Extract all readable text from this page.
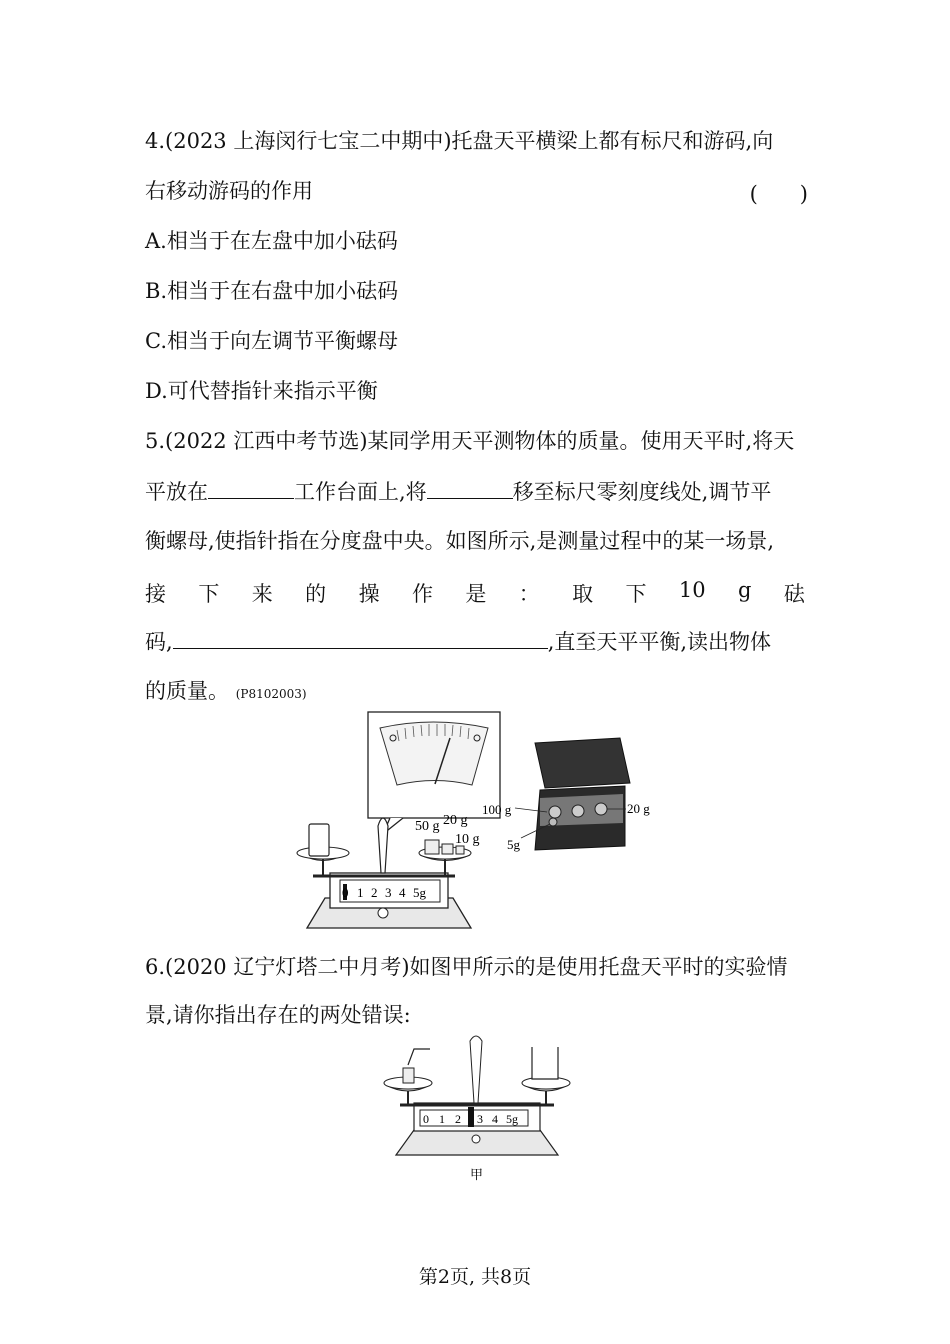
4.(2023 上海闵行七宝二中期中)托盘天平横梁上都有标尺和游码,向
右移动游码的作用	(　　)
A.相当于在左盘中加小砝码
B.相当于在右盘中加小砝码
C.相当于向左调节平衡螺母
D.可代替指针来指示平衡
5.(2022 江西中考节选)某同学用天平测物体的质量。使用天平时,将天
平放在	工作台面上,将	移至标尺零刻度线处,调节平
衡螺母,使指针指在分度盘中央。如图所示,是测量过程中的某一场景,
接 下 来 的 操 作 是 ： 取 下 10 g 砝
码,	,直至天平平衡,读出物体
的质量。 (P8102003)
50 g 20 g
10 g
0 1 2 3 4 5g
100 g	20 g
5g
6.(2020 辽宁灯塔二中月考)如图甲所示的是使用托盘天平时的实验情
景,请你指出存在的两处错误:
0 1 2 3 4 5g
甲
第2页, 共8页
